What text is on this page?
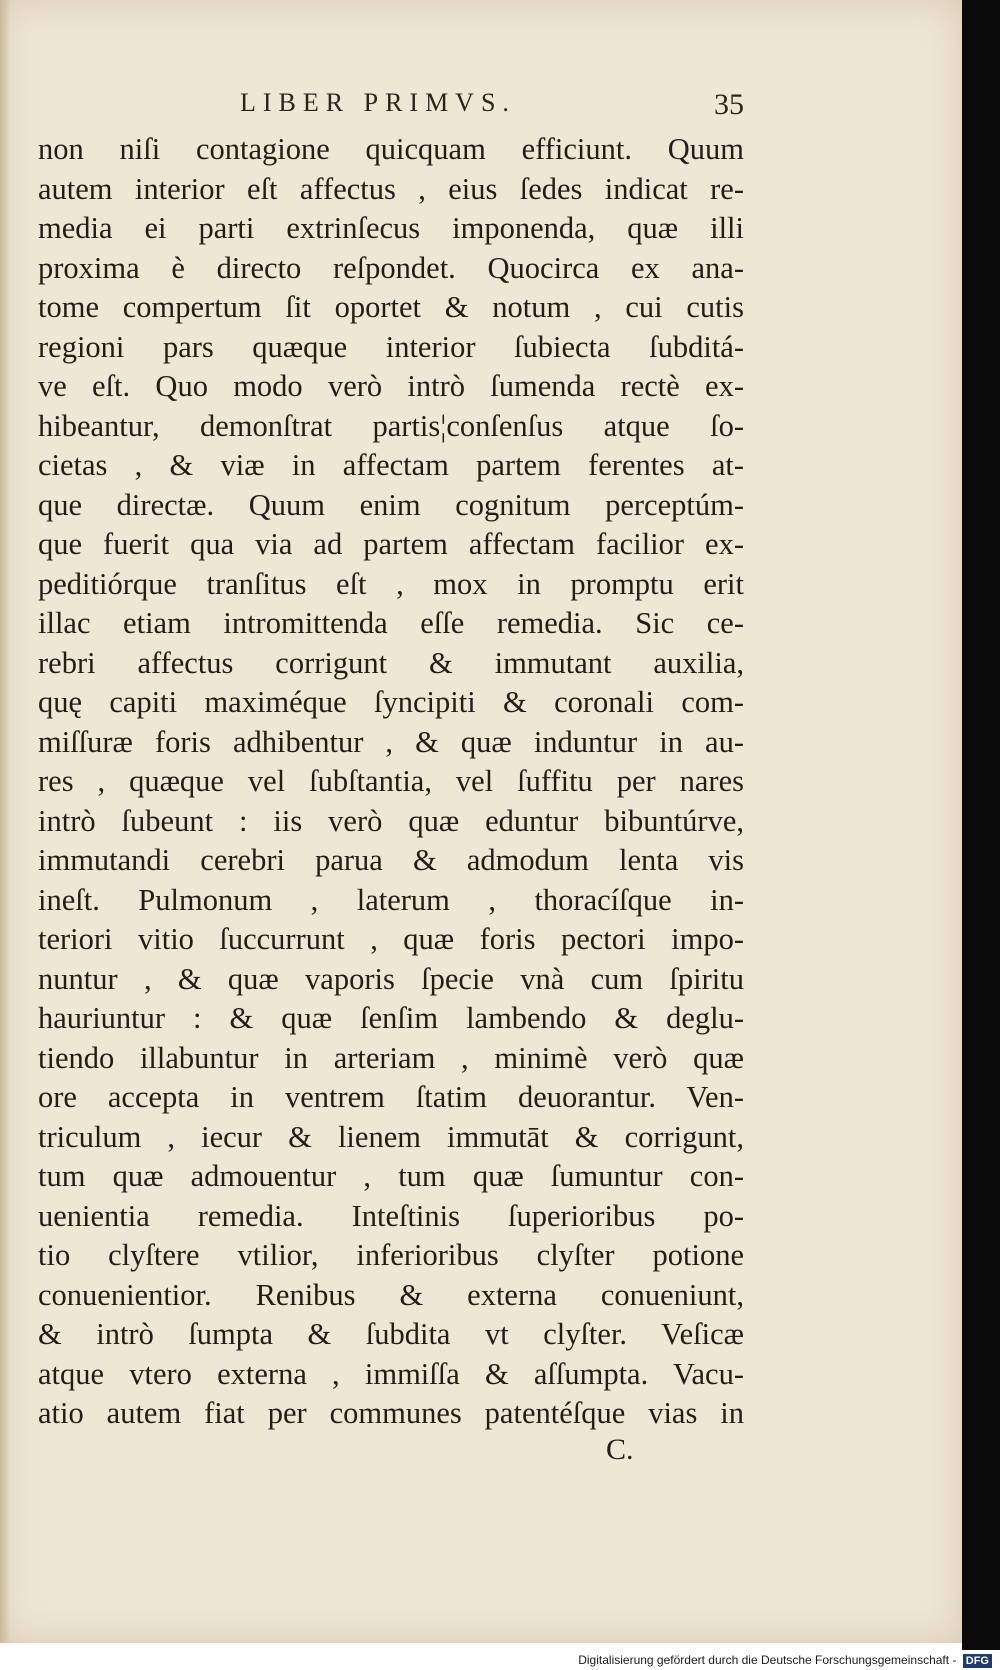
LIBER PRIMVS.	35
non niſi contagione quicquam efficiunt. Quum
autem interior eſt affectus , eius ſedes indicat re-
media ei parti extrinſecus imponenda, quæ illi
proxima è directo reſpondet. Quocirca ex ana-
tome compertum ſit oportet & notum , cui cutis
regioni pars quæque interior ſubiecta ſubditá-
ve eſt. Quo modo verò intrò ſumenda rectè ex-
hibeantur, demonſtrat partis¦conſenſus atque ſo-
cietas , & viæ in affectam partem ferentes at-
que directæ. Quum enim cognitum perceptúm-
que fuerit qua via ad partem affectam facilior ex-
peditiórque tranſitus eſt , mox in promptu erit
illac etiam intromittenda eſſe remedia. Sic ce-
rebri affectus corrigunt & immutant auxilia,
quę capiti maximéque ſyncipiti & coronali com-
miſſuræ foris adhibentur , & quæ induntur in au-
res , quæque vel ſubſtantia, vel ſuffitu per nares
intrò ſubeunt : iis verò quæ eduntur bibuntúrve,
immutandi cerebri parua & admodum lenta vis
ineſt. Pulmonum , laterum , thoracíſque in-
teriori vitio ſuccurrunt , quæ foris pectori impo-
nuntur , & quæ vaporis ſpecie vnà cum ſpiritu
hauriuntur : & quæ ſenſim lambendo & deglu-
tiendo illabuntur in arteriam , minimè verò quæ
ore accepta in ventrem ſtatim deuorantur. Ven-
triculum , iecur & lienem immutāt & corrigunt,
tum quæ admouentur , tum quæ ſumuntur con-
uenientia remedia. Inteſtinis ſuperioribus po-
tio clyſtere vtilior, inferioribus clyſter potione
conuenientior. Renibus & externa conueniunt,
& intrò ſumpta & ſubdita vt clyſter. Veſicæ
atque vtero externa , immiſſa & aſſumpta. Vacu-
atio autem fiat per communes patentéſque vias in
C.
Digitalisierung gefördert durch die Deutsche Forschungsgemeinschaft - DFG
